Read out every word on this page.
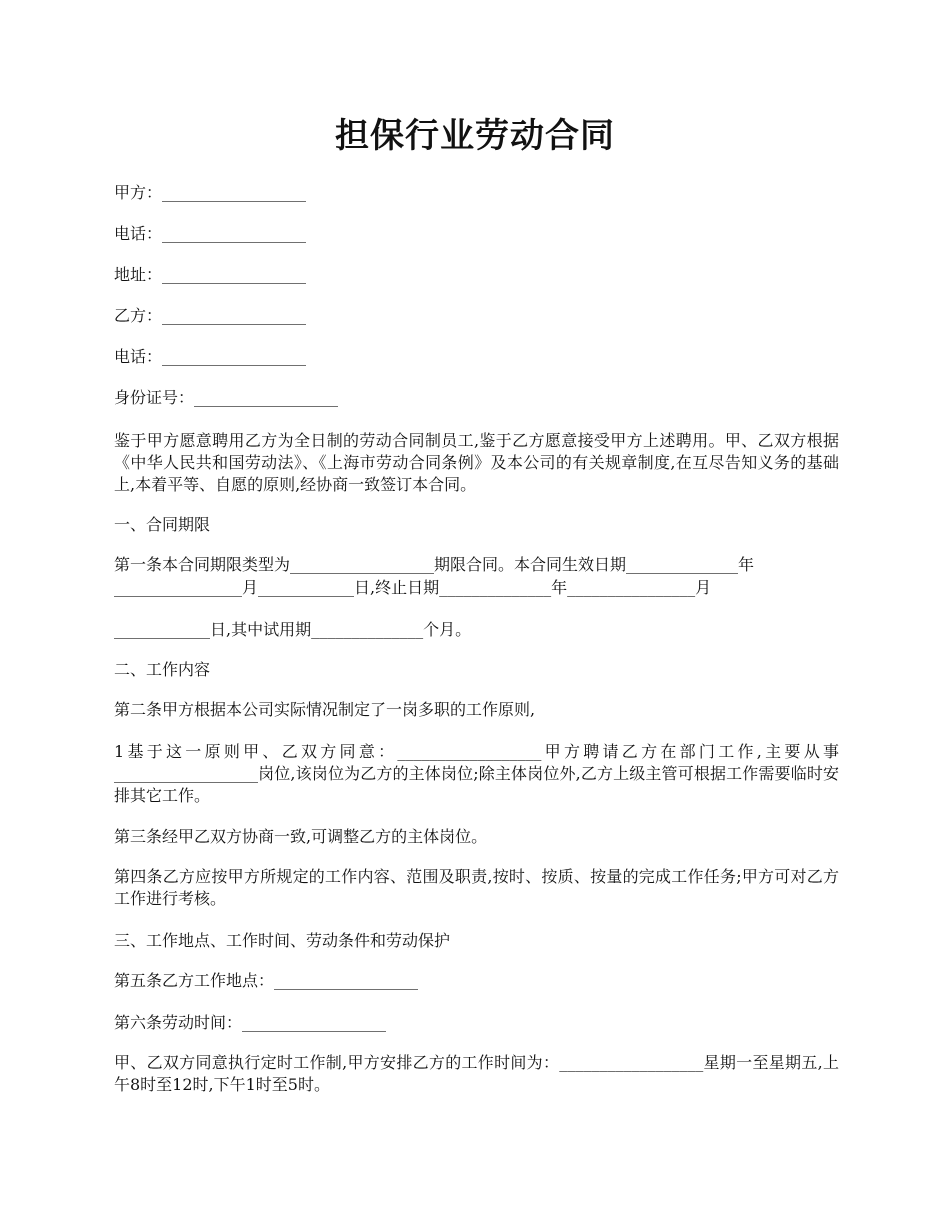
担保行业劳动合同
甲方：__________________
电话：__________________
地址：__________________
乙方：__________________
电话：__________________
身份证号：__________________
鉴于甲方愿意聘用乙方为全日制的劳动合同制员工,鉴于乙方愿意接受甲方上述聘用。甲、乙双方根据《中华人民共和国劳动法》、《上海市劳动合同条例》及本公司的有关规章制度,在互尽告知义务的基础上,本着平等、自愿的原则,经协商一致签订本合同。
一、合同期限
第一条本合同期限类型为__________________期限合同。本合同生效日期______________年
________________月____________日,终止日期______________年________________月
____________日,其中试用期______________个月。
二、工作内容
第二条甲方根据本公司实际情况制定了一岗多职的工作原则,
1基于这一原则甲、乙双方同意：__________________甲方聘请乙方在部门工作,主要从事__________________岗位,该岗位为乙方的主体岗位;除主体岗位外,乙方上级主管可根据工作需要临时安排其它工作。
第三条经甲乙双方协商一致,可调整乙方的主体岗位。
第四条乙方应按甲方所规定的工作内容、范围及职责,按时、按质、按量的完成工作任务;甲方可对乙方工作进行考核。
三、工作地点、工作时间、劳动条件和劳动保护
第五条乙方工作地点：__________________
第六条劳动时间：__________________
甲、乙双方同意执行定时工作制,甲方安排乙方的工作时间为：__________________星期一至星期五,上午8时至12时,下午1时至5时。
